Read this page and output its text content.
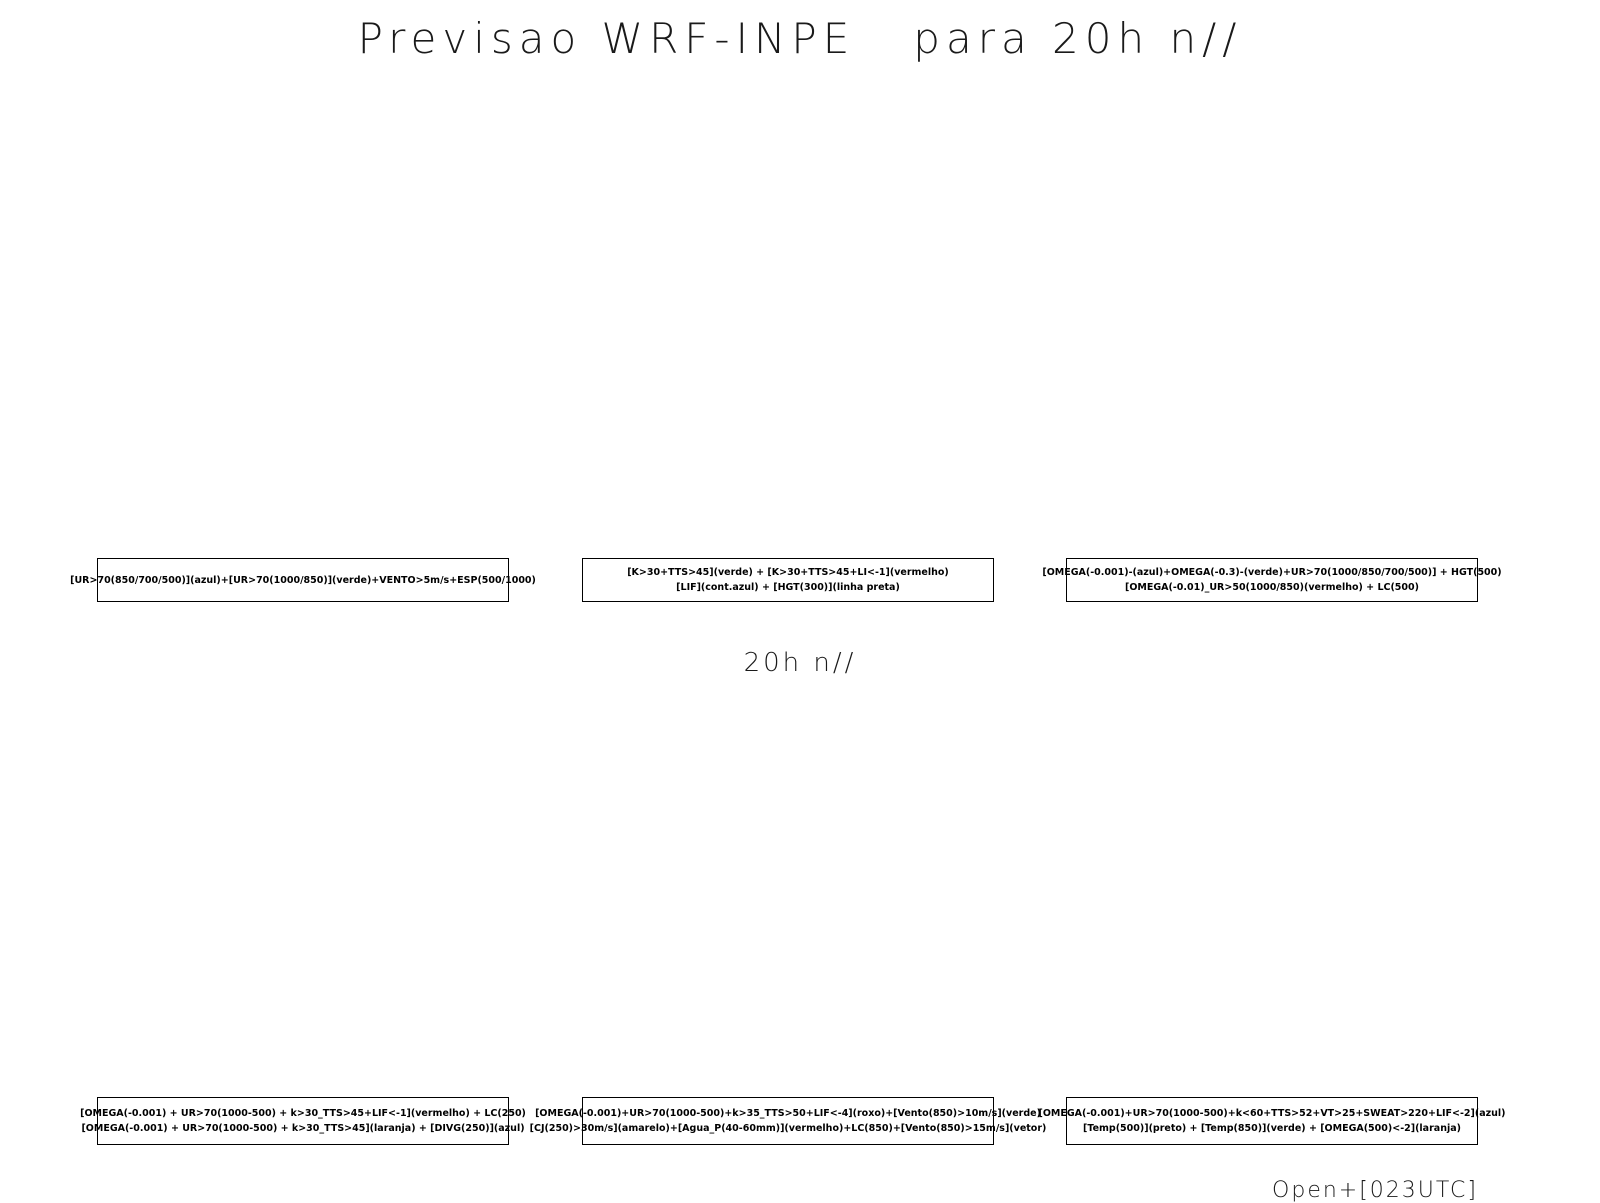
Previsao WRF-INPE   para 20h n//
[UR>70(850/700/500)](azul)+[UR>70(1000/850)](verde)+VENTO>5m/s+ESP(500/1000)
[K>30+TTS>45](verde) + [K>30+TTS>45+LI<-1](vermelho)
[LIF](cont.azul) + [HGT(300)](linha preta)
[OMEGA(-0.001)-(azul)+OMEGA(-0.3)-(verde)+UR>70(1000/850/700/500)] + HGT(500)
[OMEGA(-0.01)_UR>50(1000/850)(vermelho) + LC(500)
20h n//
[OMEGA(-0.001) + UR>70(1000-500) + k>30_TTS>45+LIF<-1](vermelho) + LC(250)
[OMEGA(-0.001) + UR>70(1000-500) + k>30_TTS>45](laranja) + [DIVG(250)](azul)
[OMEGA(-0.001)+UR>70(1000-500)+k>35_TTS>50+LIF<-4](roxo)+[Vento(850)>10m/s](verde)
[CJ(250)>30m/s](amarelo)+[Agua_P(40-60mm)](vermelho)+LC(850)+[Vento(850)>15m/s](vetor)
[OMEGA(-0.001)+UR>70(1000-500)+k<60+TTS>52+VT>25+SWEAT>220+LIF<-2](azul)
[Temp(500)](preto) + [Temp(850)](verde) + [OMEGA(500)<-2](laranja)
Open+[023UTC]
